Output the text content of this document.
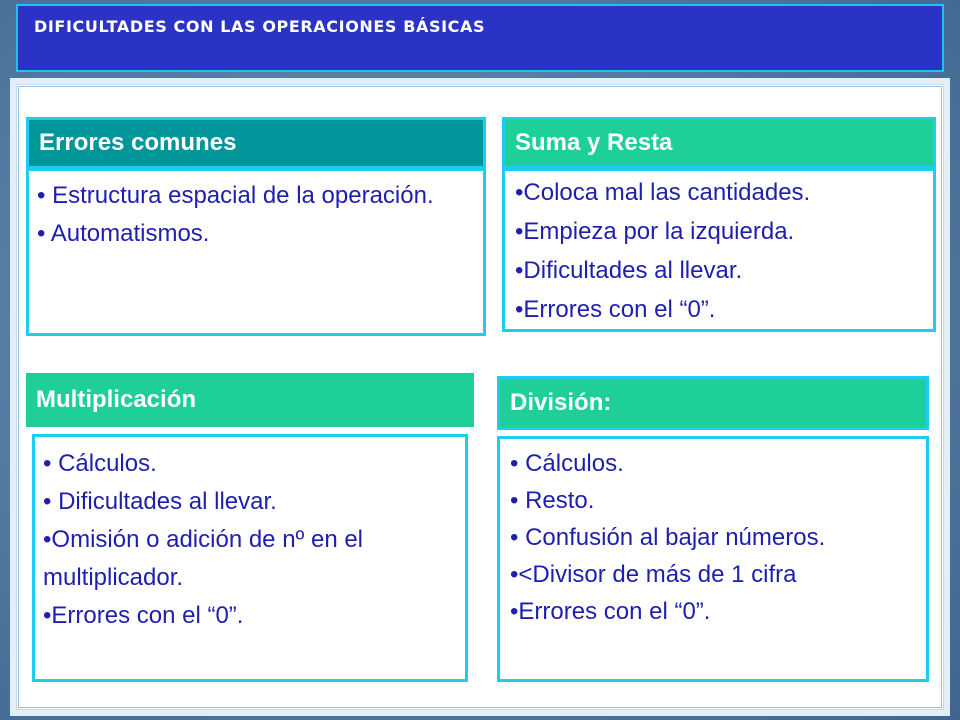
DIFICULTADES CON LAS OPERACIONES BÁSICAS
Errores comunes

• Estructura espacial de la operación.

• Automatismos.

Suma y Resta

•Coloca mal las cantidades.

•Empieza por la izquierda.

•Dificultades al llevar.

•Errores con el “0”.

Multiplicación

• Cálculos.

• Dificultades al llevar.

•Omisión o adición de nº en el multiplicador.

•Errores con el “0”.

División:

• Cálculos.

• Resto.

• Confusión al bajar números.

•<Divisor de más de 1 cifra

•Errores con el “0”.
